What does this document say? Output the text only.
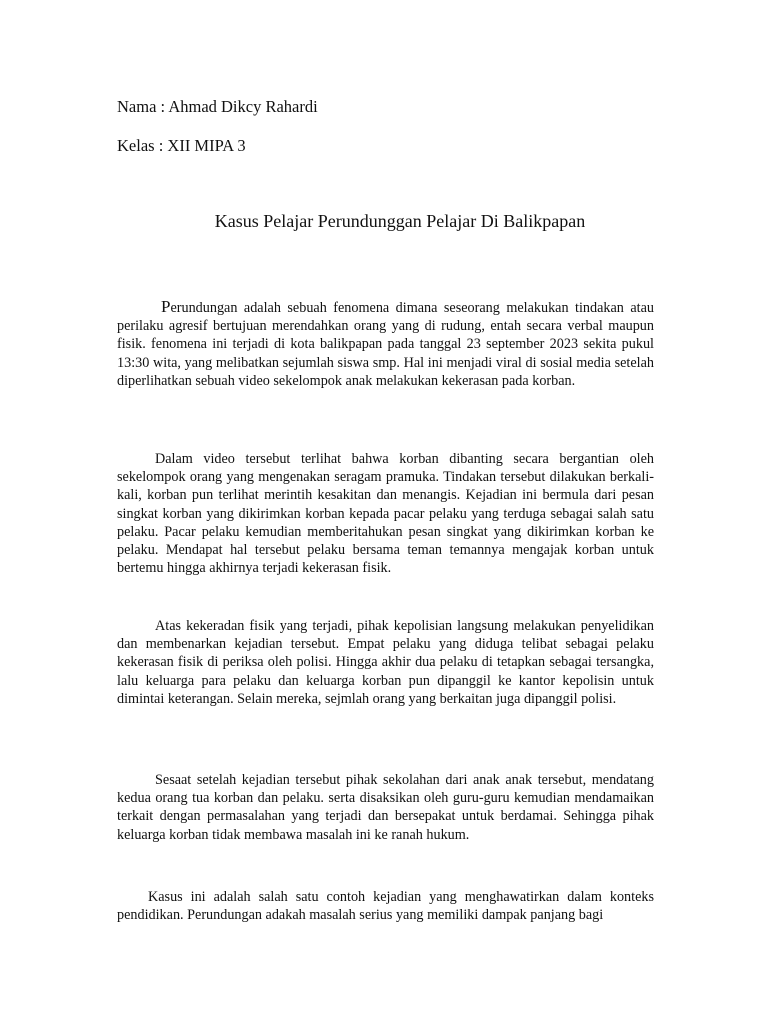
Nama : Ahmad Dikcy Rahardi
Kelas : XII MIPA 3
Kasus Pelajar Perundunggan Pelajar Di Balikpapan

Perundungan adalah sebuah fenomena dimana seseorang melakukan tindakan atau perilaku agresif bertujuan merendahkan orang yang di rudung, entah secara verbal maupun fisik. fenomena ini terjadi di kota balikpapan pada tanggal 23 september 2023 sekita pukul 13:30 wita, yang melibatkan sejumlah siswa smp. Hal ini menjadi viral di sosial media setelah diperlihatkan sebuah video sekelompok anak melakukan kekerasan pada korban.

Dalam video tersebut terlihat bahwa korban dibanting secara bergantian oleh sekelompok orang yang mengenakan seragam pramuka. Tindakan tersebut dilakukan berkali-kali, korban pun terlihat merintih kesakitan dan menangis. Kejadian ini bermula dari pesan singkat korban yang dikirimkan korban kepada pacar pelaku yang terduga sebagai salah satu pelaku. Pacar pelaku kemudian memberitahukan pesan singkat yang dikirimkan korban ke pelaku. Mendapat hal tersebut pelaku bersama teman temannya mengajak korban untuk bertemu hingga akhirnya terjadi kekerasan fisik.

Atas kekeradan fisik yang terjadi, pihak kepolisian langsung melakukan penyelidikan dan membenarkan kejadian tersebut. Empat pelaku yang diduga telibat sebagai pelaku kekerasan fisik di periksa oleh polisi. Hingga akhir dua pelaku di tetapkan sebagai tersangka, lalu keluarga para pelaku dan keluarga korban pun dipanggil ke kantor kepolisin untuk dimintai keterangan. Selain mereka, sejmlah orang yang berkaitan juga dipanggil polisi.

Sesaat setelah kejadian tersebut pihak sekolahan dari anak anak tersebut, mendatang kedua orang tua korban dan pelaku. serta disaksikan oleh guru-guru kemudian mendamaikan terkait dengan permasalahan yang terjadi dan bersepakat untuk berdamai. Sehingga pihak keluarga korban tidak membawa masalah ini ke ranah hukum.

Kasus ini adalah salah satu contoh kejadian yang menghawatirkan dalam konteks pendidikan. Perundungan adakah masalah serius yang memiliki dampak panjang bagi
